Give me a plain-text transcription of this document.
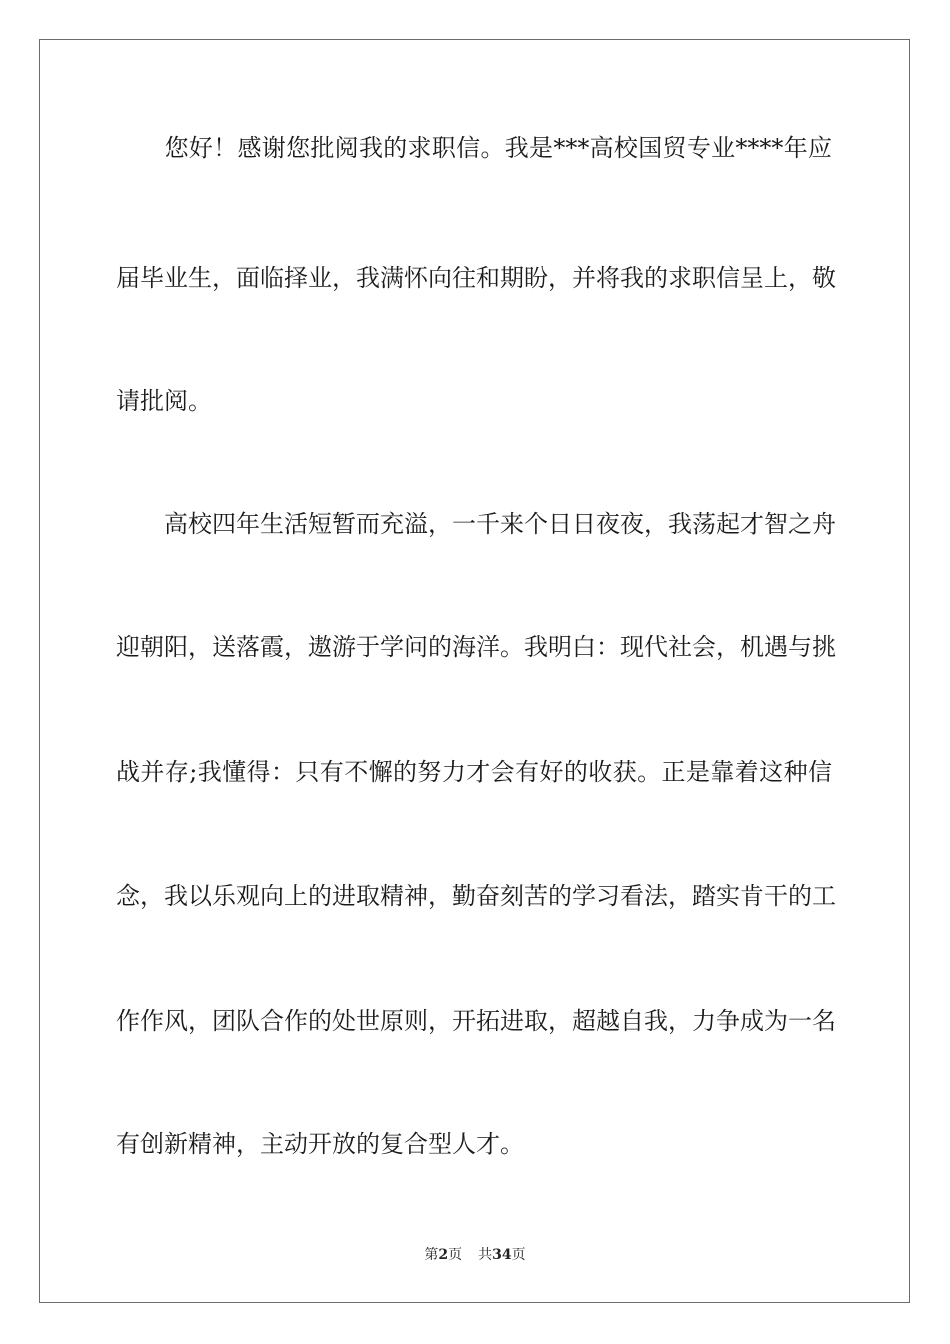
　　您好！感谢您批阅我的求职信。我是***高校国贸专业****年应
届毕业生，面临择业，我满怀向往和期盼，并将我的求职信呈上，敬
请批阅。
　　高校四年生活短暂而充溢，一千来个日日夜夜，我荡起才智之舟
迎朝阳，送落霞，遨游于学问的海洋。我明白：现代社会，机遇与挑
战并存;我懂得：只有不懈的努力才会有好的收获。正是靠着这种信
念，我以乐观向上的进取精神，勤奋刻苦的学习看法，踏实肯干的工
作作风，团队合作的处世原则，开拓进取，超越自我，力争成为一名
有创新精神，主动开放的复合型人才。
第2页 共34页
